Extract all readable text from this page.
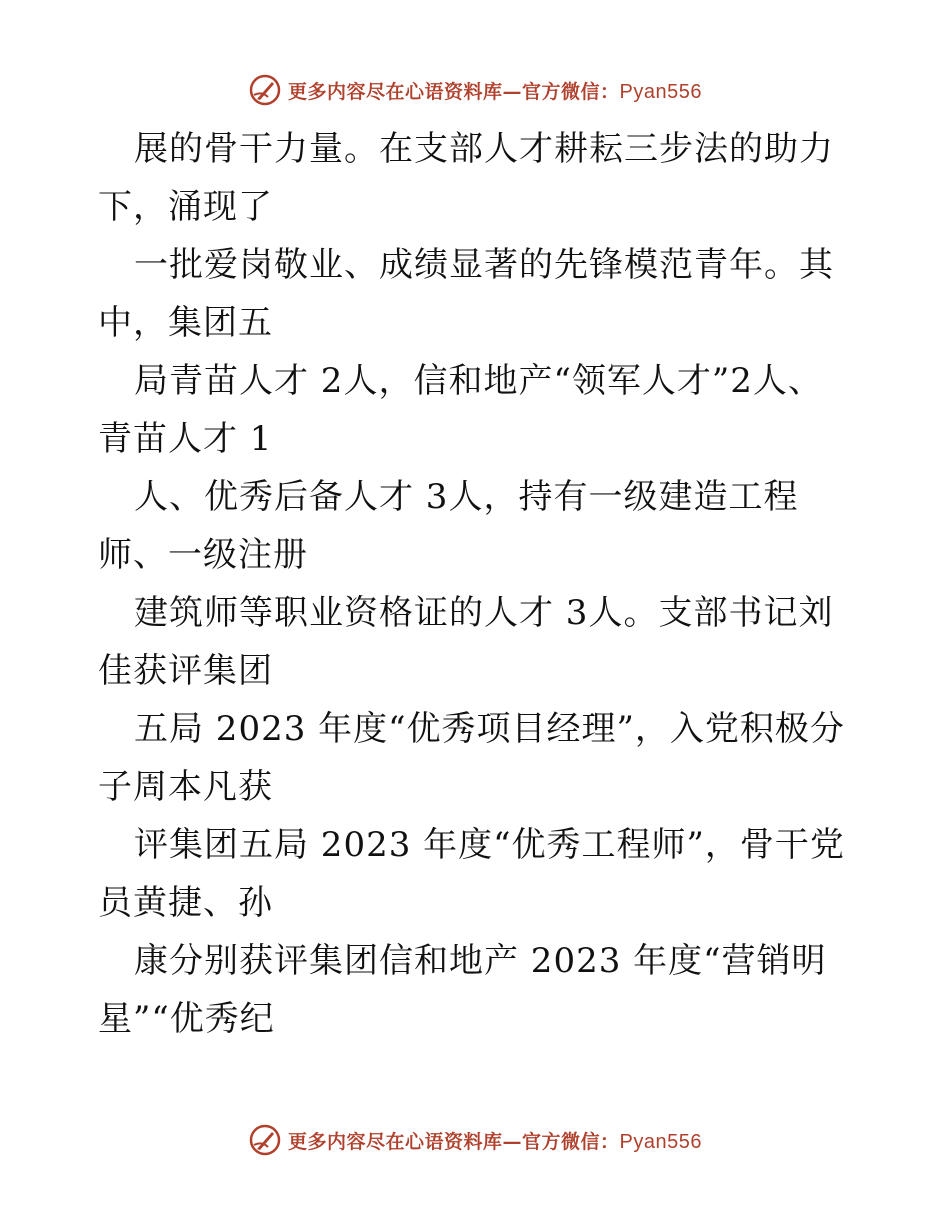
更多内容尽在心语资料库—官方微信：Pyan556
展的骨干力量。在支部人才耕耘三步法的助力
下，涌现了
一批爱岗敬业、成绩显著的先锋模范青年。其
中，集团五
局青苗人才 2人，信和地产“领军人才”2人、
青苗人才 1
人、优秀后备人才 3人，持有一级建造工程
师、一级注册
建筑师等职业资格证的人才 3人。支部书记刘
佳获评集团
五局 2023 年度“优秀项目经理”，入党积极分
子周本凡获
评集团五局 2023 年度“优秀工程师”，骨干党
员黄捷、孙
康分别获评集团信和地产 2023 年度“营销明
星”“优秀纪
更多内容尽在心语资料库—官方微信：Pyan556
